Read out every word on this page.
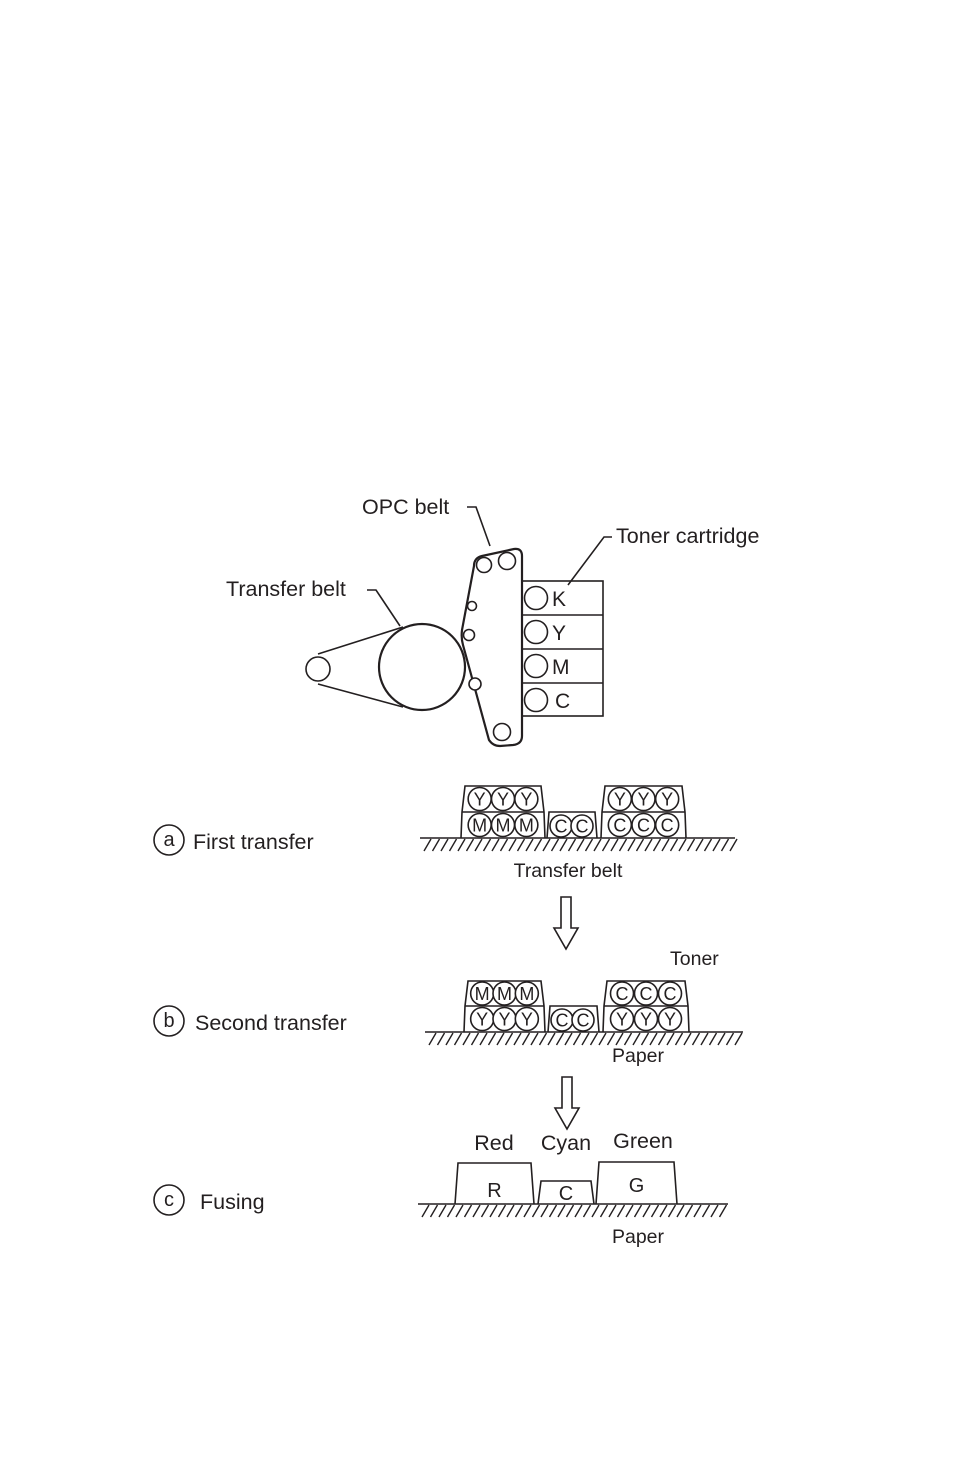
OPC belt
Toner cartridge
Transfer belt	K
Y
M
C
a First transfer
Y Y Y
M M M C C
Y Y Y
C C C
Transfer belt
b Second transfer
Toner
M M M
Y Y Y C C
C C C
Y Y Y
Paper
c Fusing	R
Red
C
Cyan
G
Green
Paper
